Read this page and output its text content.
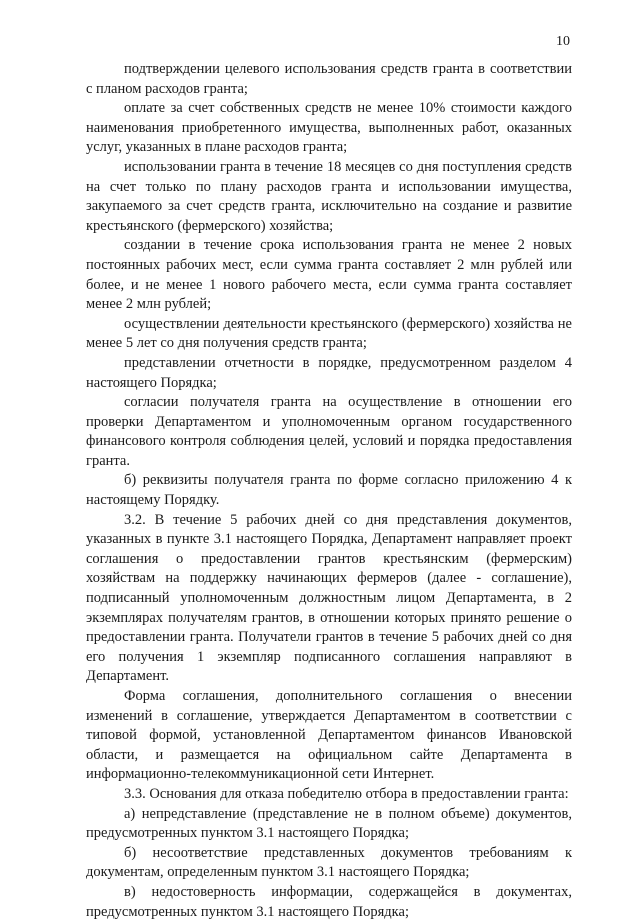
10

подтверждении целевого использования средств гранта в соответствии с планом расходов гранта;

оплате за счет собственных средств не менее 10% стоимости каждого наименования приобретенного имущества, выполненных работ, оказанных услуг, указанных в плане расходов гранта;

использовании гранта в течение 18 месяцев со дня поступления средств на счет только по плану расходов гранта и использовании имущества, закупаемого за счет средств гранта, исключительно на создание и развитие крестьянского (фермерского) хозяйства;

создании в течение срока использования гранта не менее 2 новых постоянных рабочих мест, если сумма гранта составляет 2 млн рублей или более, и не менее 1 нового рабочего места, если сумма гранта составляет менее 2 млн рублей;

осуществлении деятельности крестьянского (фермерского) хозяйства не менее 5 лет со дня получения средств гранта;

представлении отчетности в порядке, предусмотренном разделом 4 настоящего Порядка;

согласии получателя гранта на осуществление в отношении его проверки Департаментом и уполномоченным органом государственного финансового контроля соблюдения целей, условий и порядка предоставления гранта.

б) реквизиты получателя гранта по форме согласно приложению 4 к настоящему Порядку.

3.2. В течение 5 рабочих дней со дня представления документов, указанных в пункте 3.1 настоящего Порядка, Департамент направляет проект соглашения о предоставлении грантов крестьянским (фермерским) хозяйствам на поддержку начинающих фермеров (далее - соглашение), подписанный уполномоченным должностным лицом Департамента, в 2 экземплярах получателям грантов, в отношении которых принято решение о предоставлении гранта. Получатели грантов в течение 5 рабочих дней со дня его получения 1 экземпляр подписанного соглашения направляют в Департамент.

Форма соглашения, дополнительного соглашения о внесении изменений в соглашение, утверждается Департаментом в соответствии с типовой формой, установленной Департаментом финансов Ивановской области, и размещается на официальном сайте Департамента в информационно-телекоммуникационной сети Интернет.

3.3. Основания для отказа победителю отбора в предоставлении гранта:

а) непредставление (представление не в полном объеме) документов, предусмотренных пунктом 3.1 настоящего Порядка;

б) несоответствие представленных документов требованиям к документам, определенным пунктом 3.1 настоящего Порядка;

в) недостоверность информации, содержащейся в документах, предусмотренных пунктом 3.1 настоящего Порядка;
